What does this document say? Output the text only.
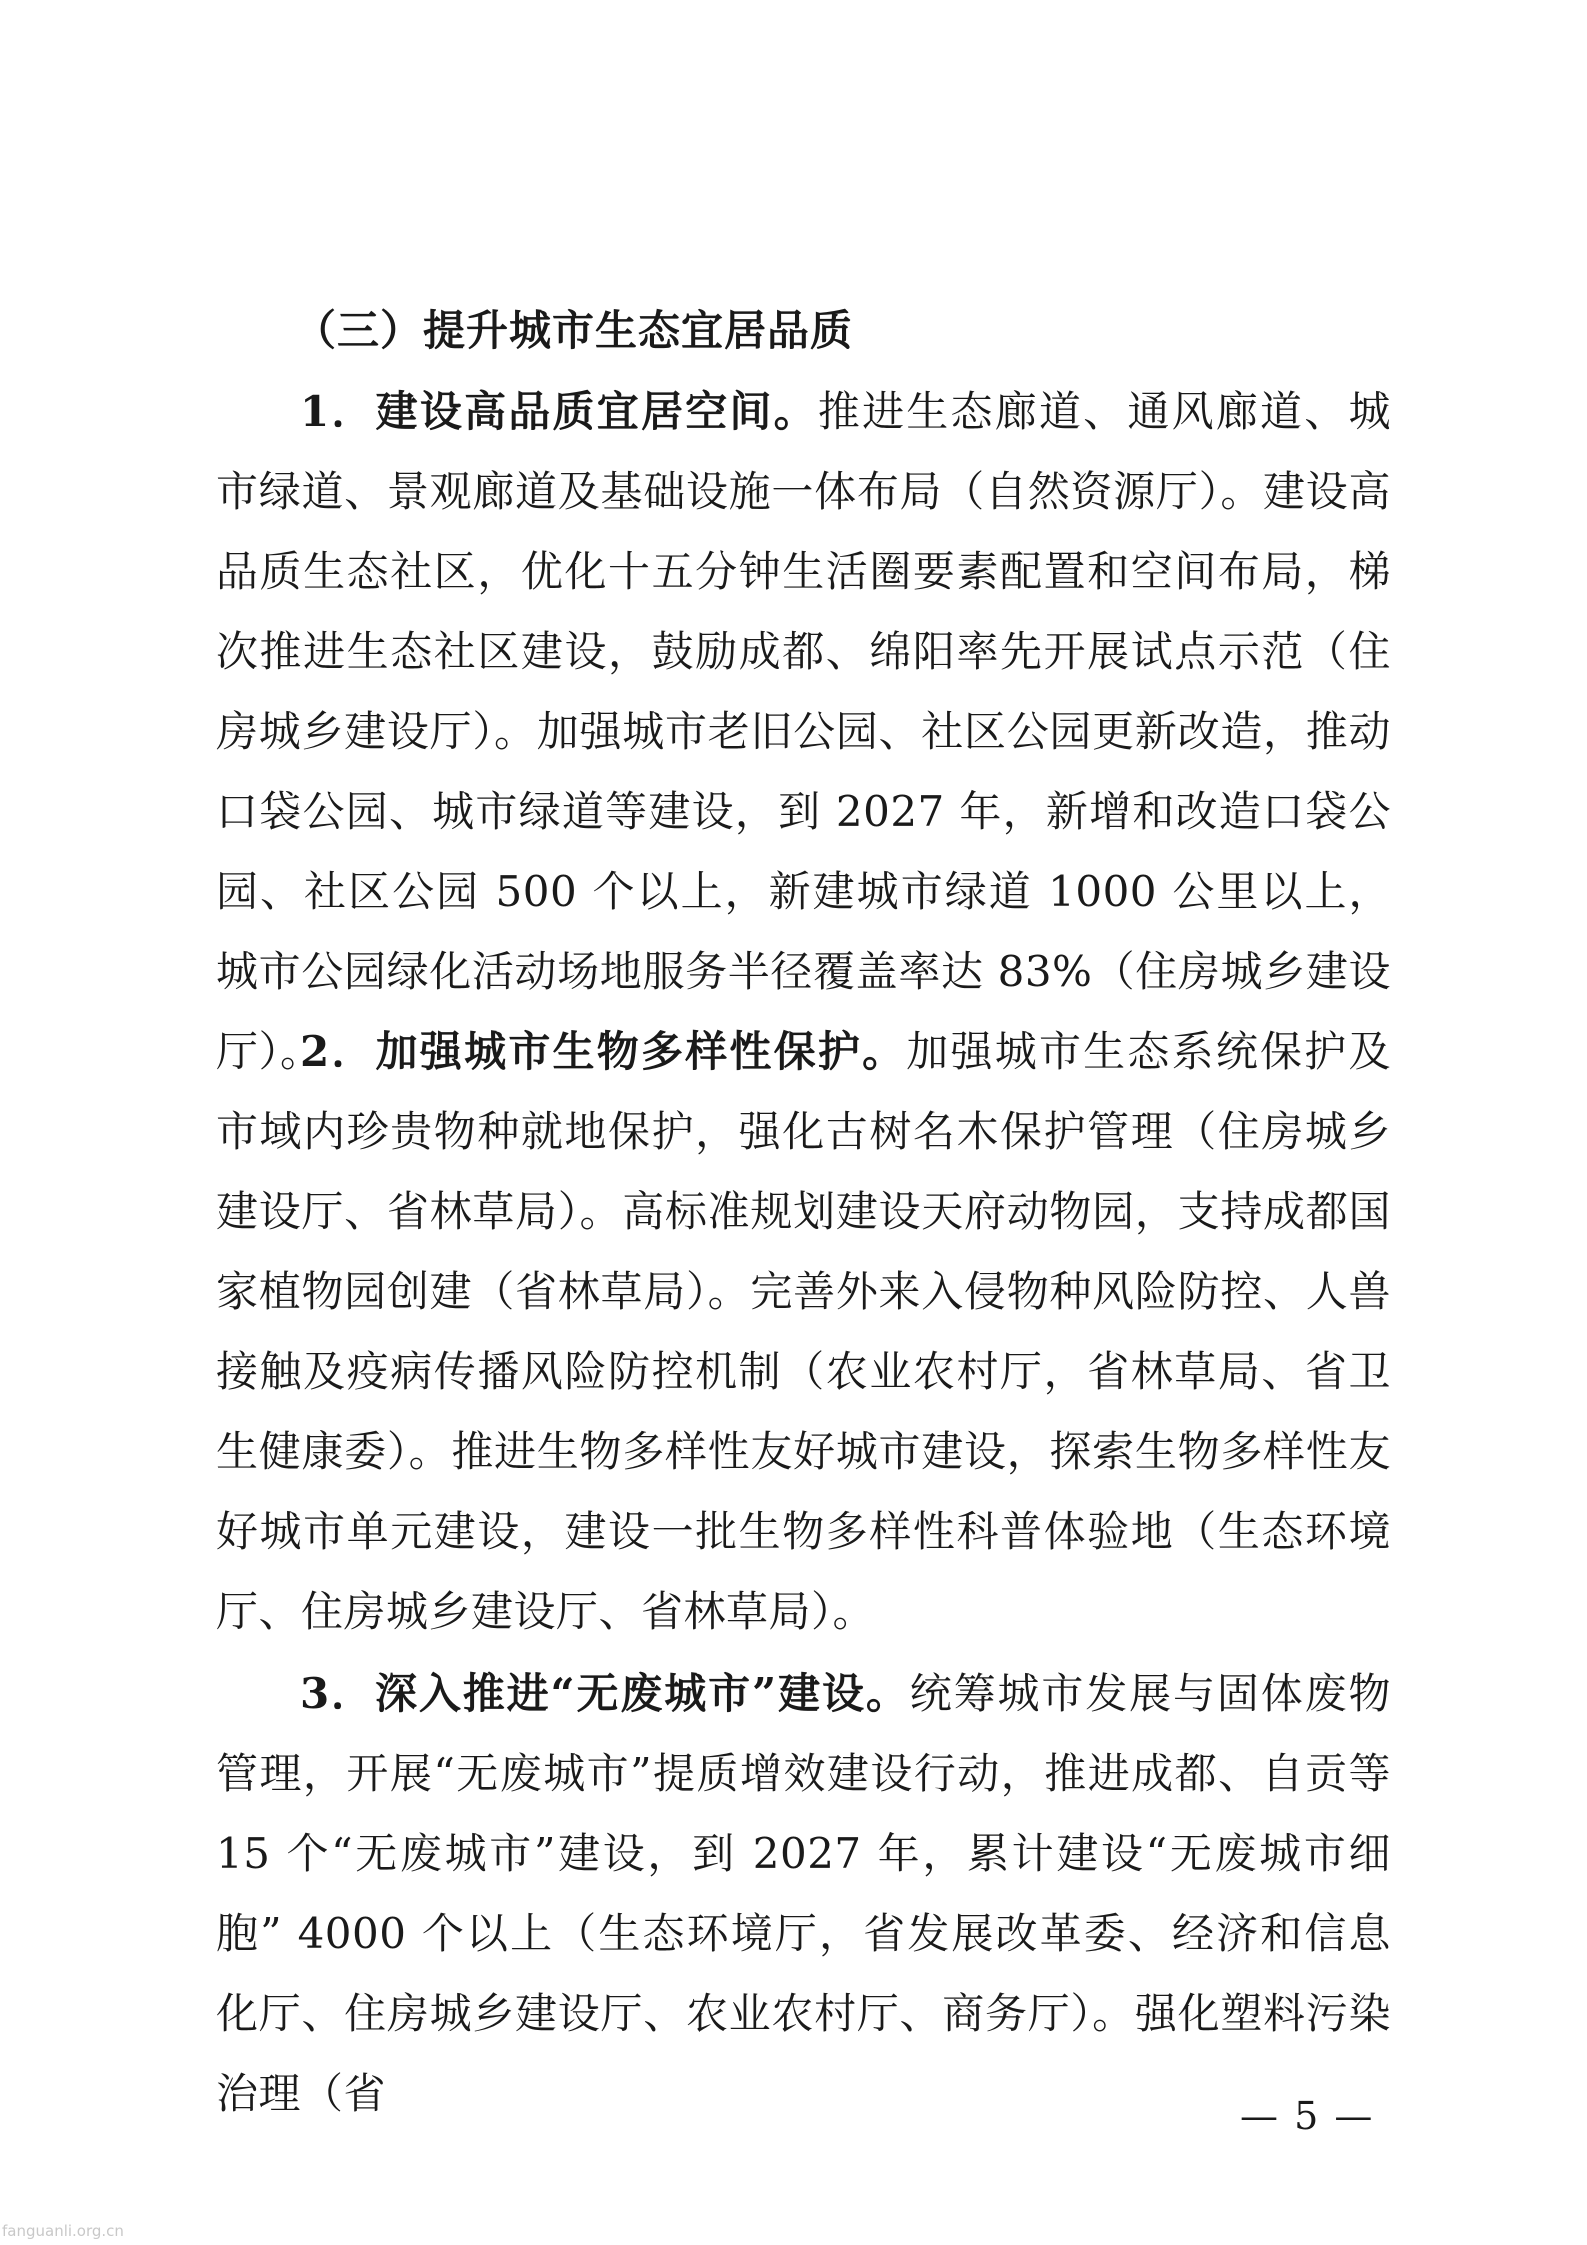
（三）提升城市生态宜居品质

1．建设高品质宜居空间。推进生态廊道、通风廊道、城市绿道、景观廊道及基础设施一体布局（自然资源厅）。建设高品质生态社区，优化十五分钟生活圈要素配置和空间布局，梯次推进生态社区建设，鼓励成都、绵阳率先开展试点示范（住房城乡建设厅）。加强城市老旧公园、社区公园更新改造，推动口袋公园、城市绿道等建设，到 2027 年，新增和改造口袋公园、社区公园 500 个以上，新建城市绿道 1000 公里以上，城市公园绿化活动场地服务半径覆盖率达 83%（住房城乡建设厅）。

2．加强城市生物多样性保护。加强城市生态系统保护及市域内珍贵物种就地保护，强化古树名木保护管理（住房城乡建设厅、省林草局）。高标准规划建设天府动物园，支持成都国家植物园创建（省林草局）。完善外来入侵物种风险防控、人兽接触及疫病传播风险防控机制（农业农村厅，省林草局、省卫生健康委）。推进生物多样性友好城市建设，探索生物多样性友好城市单元建设，建设一批生物多样性科普体验地（生态环境厅、住房城乡建设厅、省林草局）。

3．深入推进“无废城市”建设。统筹城市发展与固体废物管理，开展“无废城市”提质增效建设行动，推进成都、自贡等 15 个“无废城市”建设，到 2027 年，累计建设“无废城市细胞” 4000 个以上（生态环境厅，省发展改革委、经济和信息化厅、住房城乡建设厅、农业农村厅、商务厅）。强化塑料污染治理（省	— 5 —
fanguanli.org.cn
